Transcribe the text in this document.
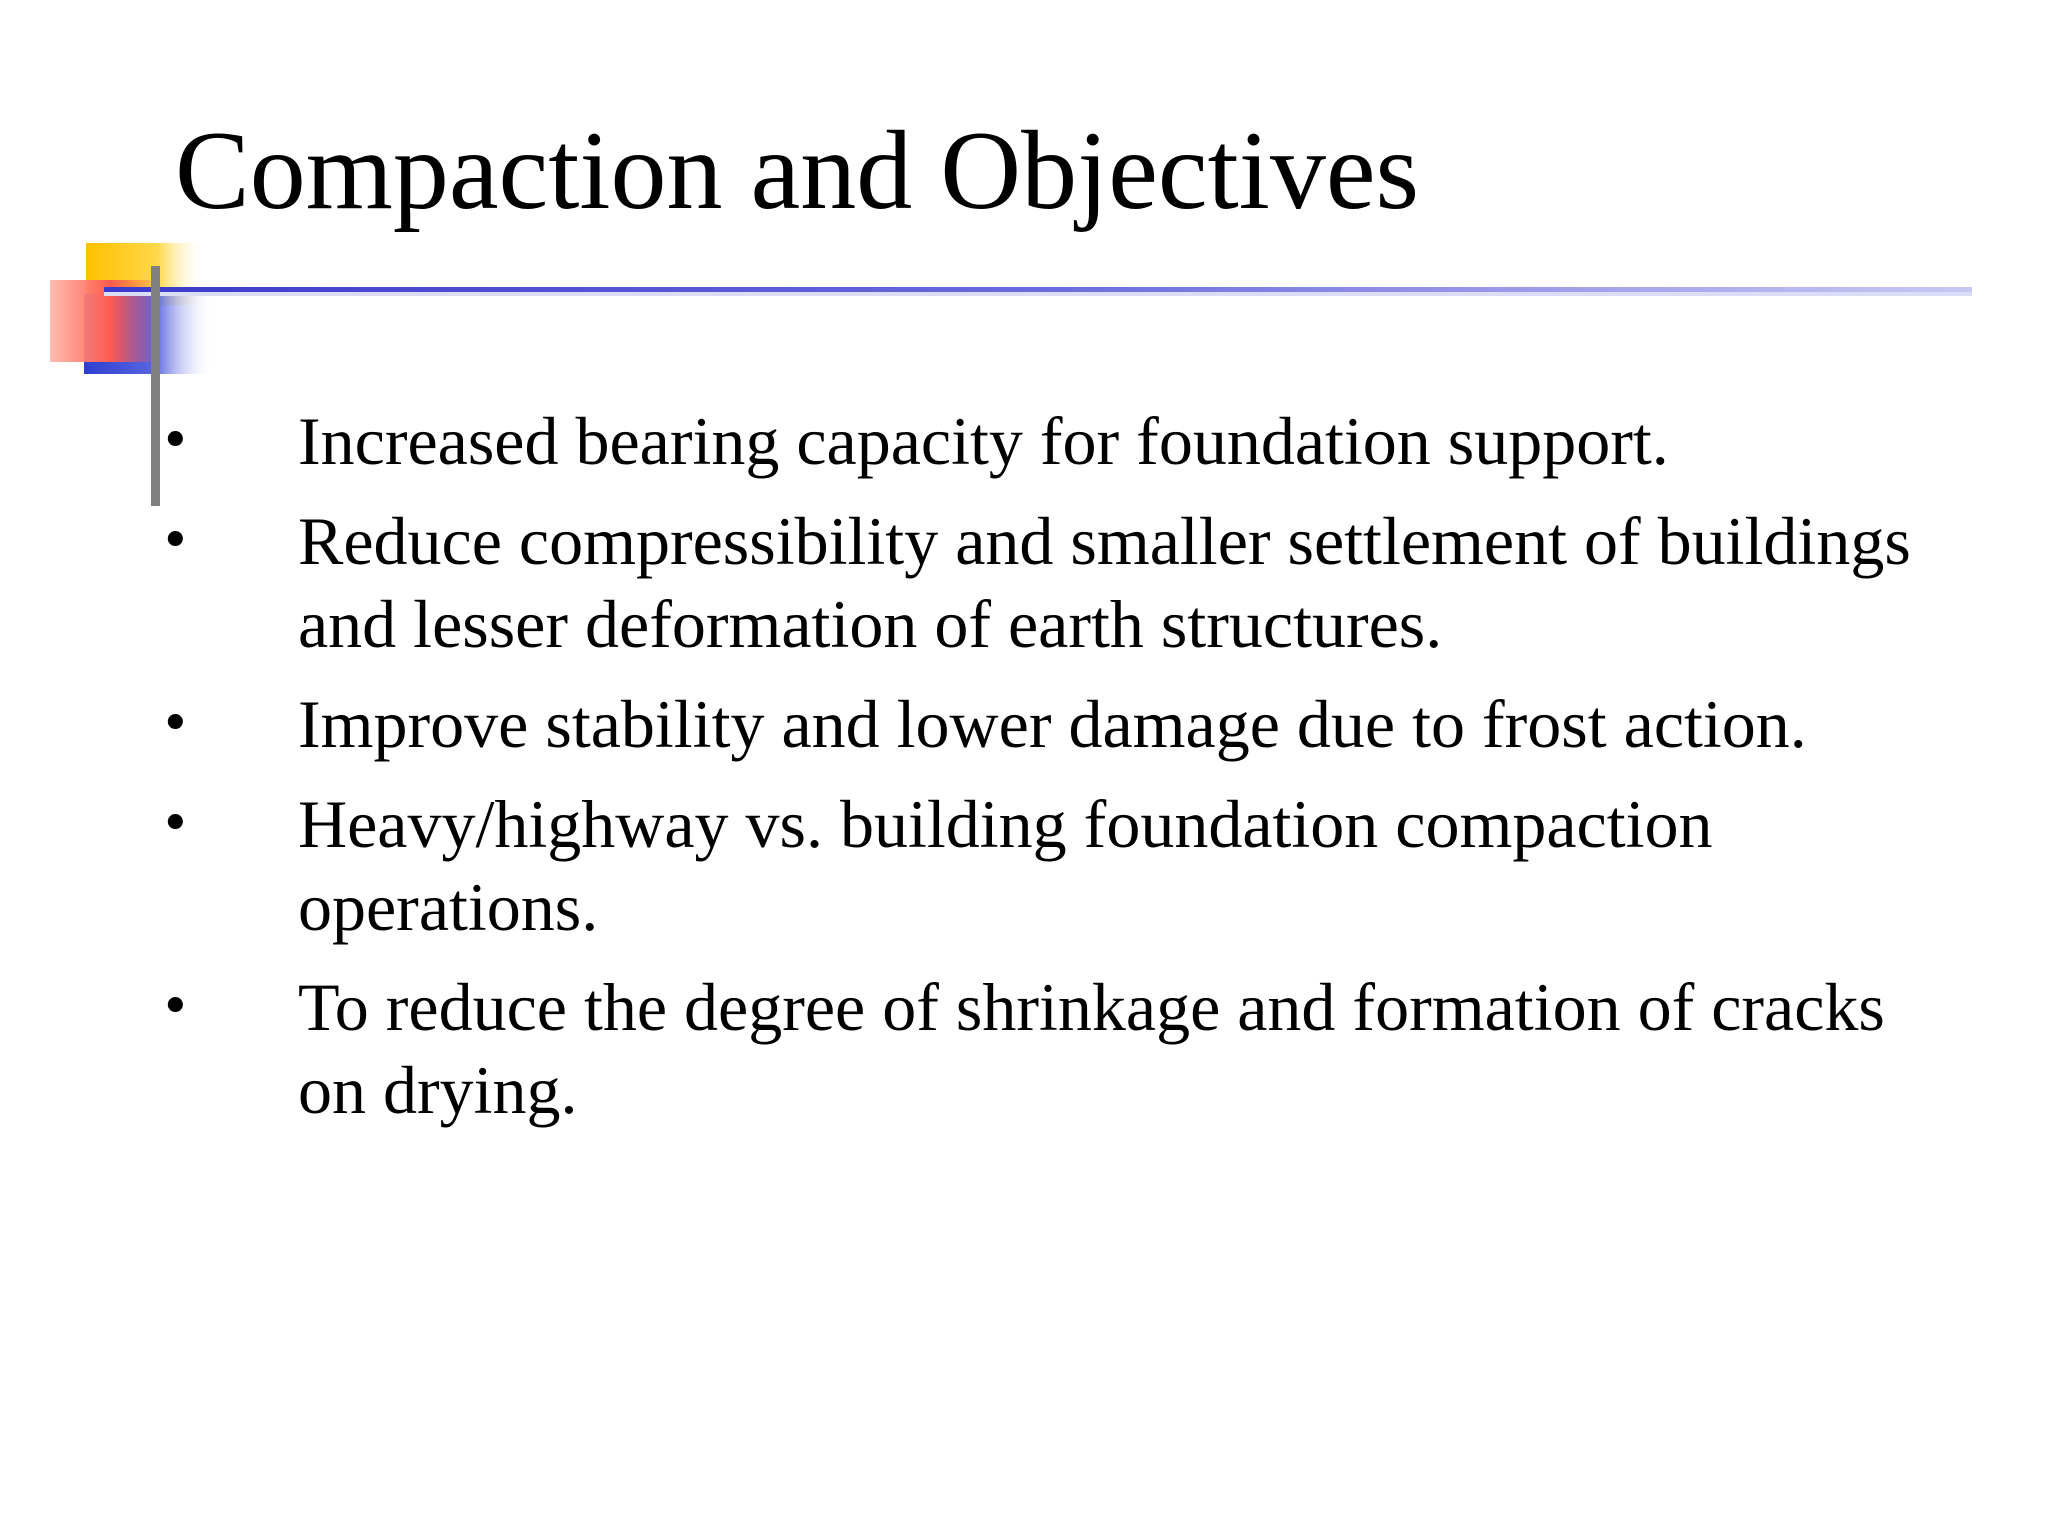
Compaction and Objectives
• Increased bearing capacity for foundation support.
• Reduce compressibility and smaller settlement of buildings and lesser deformation of earth structures.
• Improve stability and lower damage due to frost action.
• Heavy/highway vs. building foundation compaction operations.
• To reduce the degree of shrinkage and formation of cracks on drying.
